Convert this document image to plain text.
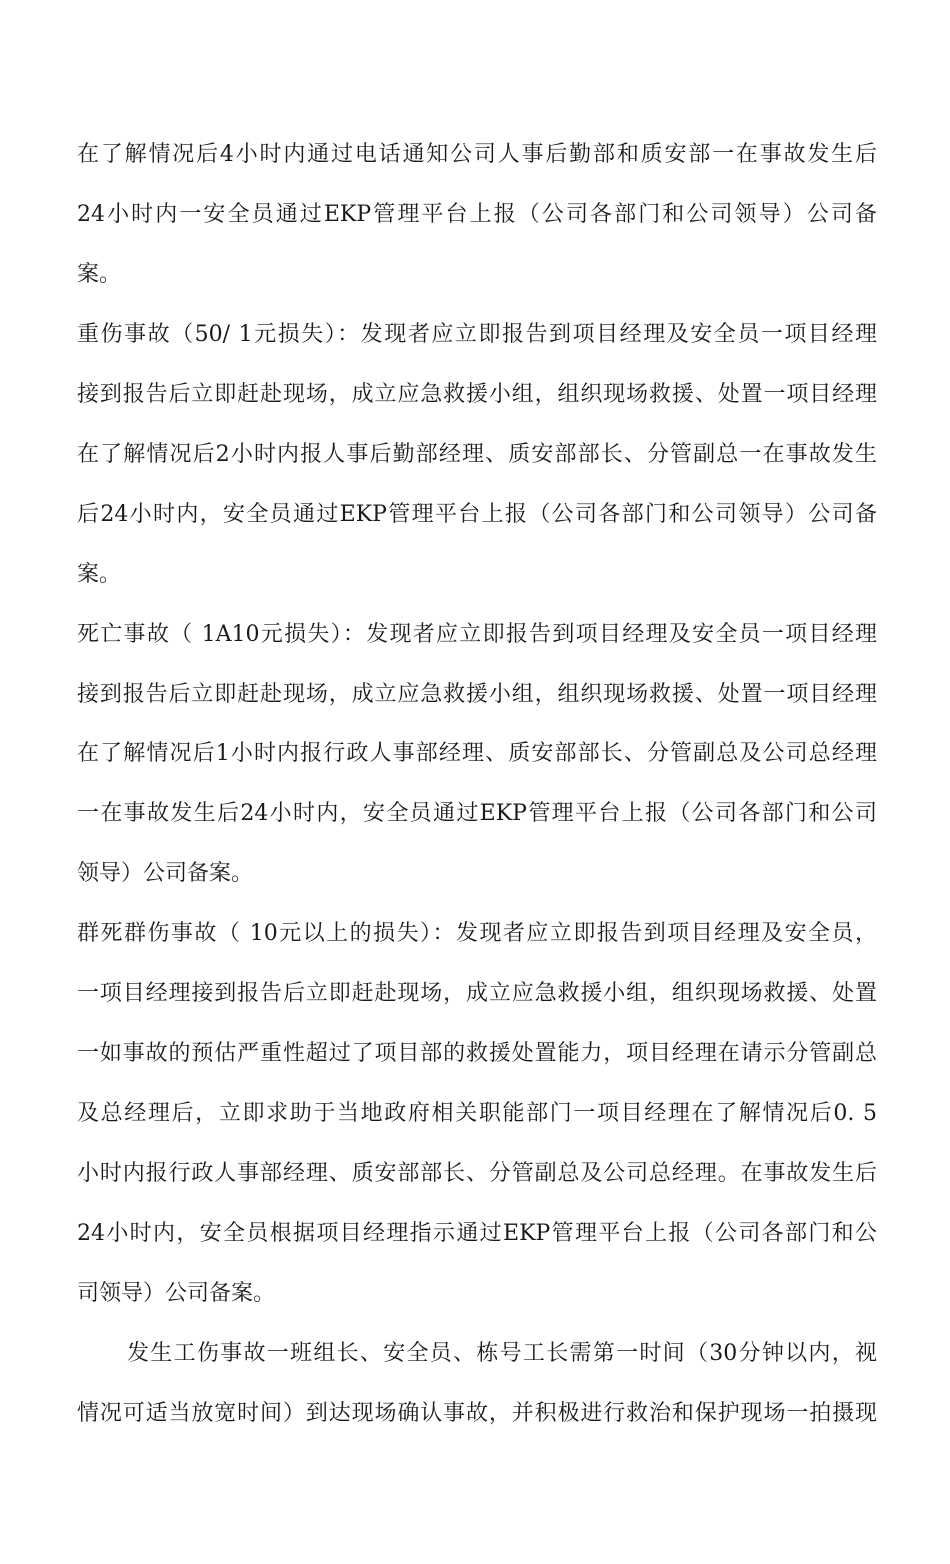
在了解情况后4小时内通过电话通知公司人事后勤部和质安部一在事故发生后
24小时内一安全员通过EKP管理平台上报（公司各部门和公司领导）公司备
案。
重伤事故（50/ 1元损失）：发现者应立即报告到项目经理及安全员一项目经理
接到报告后立即赶赴现场，成立应急救援小组，组织现场救援、处置一项目经理
在了解情况后2小时内报人事后勤部经理、质安部部长、分管副总一在事故发生
后24小时内，安全员通过EKP管理平台上报（公司各部门和公司领导）公司备
案。
死亡事故（ 1A10元损失）：发现者应立即报告到项目经理及安全员一项目经理
接到报告后立即赶赴现场，成立应急救援小组，组织现场救援、处置一项目经理
在了解情况后1小时内报行政人事部经理、质安部部长、分管副总及公司总经理
一在事故发生后24小时内，安全员通过EKP管理平台上报（公司各部门和公司
领导）公司备案。
群死群伤事故（ 10元以上的损失）：发现者应立即报告到项目经理及安全员，
一项目经理接到报告后立即赶赴现场，成立应急救援小组，组织现场救援、处置
一如事故的预估严重性超过了项目部的救援处置能力，项目经理在请示分管副总
及总经理后，立即求助于当地政府相关职能部门一项目经理在了解情况后0. 5
小时内报行政人事部经理、质安部部长、分管副总及公司总经理。在事故发生后
24小时内，安全员根据项目经理指示通过EKP管理平台上报（公司各部门和公
司领导）公司备案。
发生工伤事故一班组长、安全员、栋号工长需第一时间（30分钟以内，视
情况可适当放宽时间）到达现场确认事故，并积极进行救治和保护现场一拍摄现
